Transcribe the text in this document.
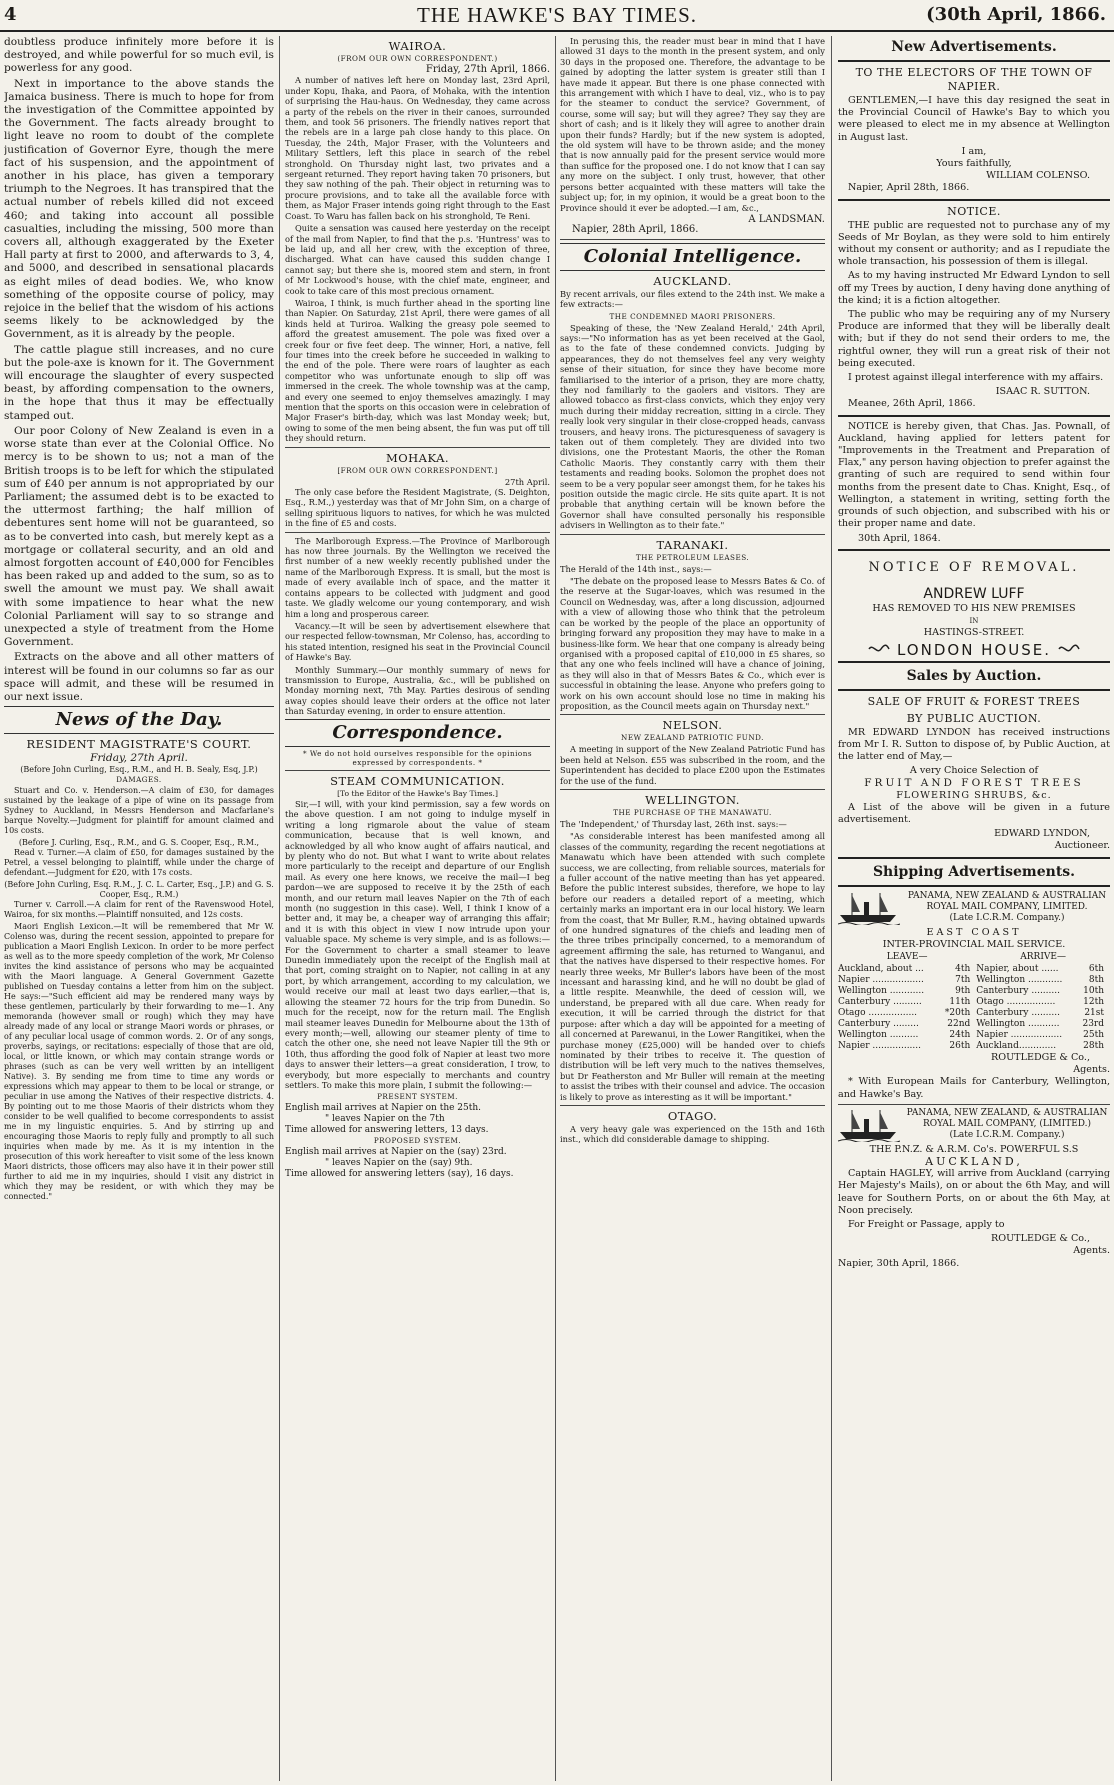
4	THE HAWKE'S BAY TIMES.	(30th April, 1866.

doubtless produce infinitely more before it is destroyed, and while powerful for so much evil, is powerless for any good.

Next in importance to the above stands the Jamaica business. There is much to hope for from the investigation of the Committee appointed by the Government. The facts already brought to light leave no room to doubt of the complete justification of Governor Eyre, though the mere fact of his suspension, and the appointment of another in his place, has given a temporary triumph to the Negroes. It has transpired that the actual number of rebels killed did not exceed 460; and taking into account all possible casualties, including the missing, 500 more than covers all, although exaggerated by the Exeter Hall party at first to 2000, and afterwards to 3, 4, and 5000, and described in sensational placards as eight miles of dead bodies. We, who know something of the opposite course of policy, may rejoice in the belief that the wisdom of his actions seems likely to be acknowledged by the Government, as it is already by the people.

The cattle plague still increases, and no cure but the pole-axe is known for it. The Government will encourage the slaughter of every suspected beast, by affording compensation to the owners, in the hope that thus it may be effectually stamped out.

Our poor Colony of New Zealand is even in a worse state than ever at the Colonial Office. No mercy is to be shown to us; not a man of the British troops is to be left for which the stipulated sum of £40 per annum is not appropriated by our Parliament; the assumed debt is to be exacted to the uttermost farthing; the half million of debentures sent home will not be guaranteed, so as to be converted into cash, but merely kept as a mortgage or collateral security, and an old and almost forgotten account of £40,000 for Fencibles has been raked up and added to the sum, so as to swell the amount we must pay. We shall await with some impatience to hear what the new Colonial Parliament will say to so strange and unexpected a style of treatment from the Home Government.

Extracts on the above and all other matters of interest will be found in our columns so far as our space will admit, and these will be resumed in our next issue.

News of the Day.
RESIDENT MAGISTRATE'S COURT.
Friday, 27th April.
(Before John Curling, Esq., R.M., and H. B. Sealy, Esq, J.P.)
DAMAGES.

Stuart and Co. v. Henderson.—A claim of £30, for damages sustained by the leakage of a pipe of wine on its passage from Sydney to Auckland, in Messrs Henderson and Macfarlane's barque Novelty.—Judgment for plaintiff for amount claimed and 10s costs.

(Before J. Curling, Esq., R.M., and G. S. Cooper, Esq., R.M.,

Read v. Turner.—A claim of £50, for damages sustained by the Petrel, a vessel belonging to plaintiff, while under the charge of defendant.—Judgment for £20, with 17s costs.

(Before John Curling, Esq. R.M., J. C. L. Carter, Esq., J.P.) and G. S. Cooper, Esq., R.M.)

Turner v. Carroll.—A claim for rent of the Ravenswood Hotel, Wairoa, for six months.—Plaintiff nonsuited, and 12s costs.

Maori English Lexicon.—It will be remembered that Mr W. Colenso was, during the recent session, appointed to prepare for publication a Maori English Lexicon. In order to be more perfect as well as to the more speedy completion of the work, Mr Colenso invites the kind assistance of persons who may be acquainted with the Maori language. A General Government Gazette published on Tuesday contains a letter from him on the subject. He says:—"Such efficient aid may be rendered many ways by these gentlemen, particularly by their forwarding to me—1. Any memoranda (however small or rough) which they may have already made of any local or strange Maori words or phrases, or of any peculiar local usage of common words. 2. Or of any songs, proverbs, sayings, or recitations: especially of those that are old, local, or little known, or which may contain strange words or phrases (such as can be very well written by an intelligent Native). 3. By sending me from time to time any words or expressions which may appear to them to be local or strange, or peculiar in use among the Natives of their respective districts. 4. By pointing out to me those Maoris of their districts whom they consider to be well qualified to become correspondents to assist me in my linguistic enquiries. 5. And by stirring up and encouraging those Maoris to reply fully and promptly to all such inquiries when made by me. As it is my intention in the prosecution of this work hereafter to visit some of the less known Maori districts, those officers may also have it in their power still further to aid me in my inquiries, should I visit any district in which they may be resident, or with which they may be connected."

WAIROA.
(FROM OUR OWN CORRESPONDENT.)
Friday, 27th April, 1866.

A number of natives left here on Monday last, 23rd April, under Kopu, Ihaka, and Paora, of Mohaka, with the intention of surprising the Hau-haus. On Wednesday, they came across a party of the rebels on the river in their canoes, surrounded them, and took 56 prisoners. The friendly natives report that the rebels are in a large pah close handy to this place. On Tuesday, the 24th, Major Fraser, with the Volunteers and Military Settlers, left this place in search of the rebel stronghold. On Thursday night last, two privates and a sergeant returned. They report having taken 70 prisoners, but they saw nothing of the pah. Their object in returning was to procure provisions, and to take all the available force with them, as Major Fraser intends going right through to the East Coast. To Waru has fallen back on his stronghold, Te Reni.

Quite a sensation was caused here yesterday on the receipt of the mail from Napier, to find that the p.s. 'Huntress' was to be laid up, and all her crew, with the exception of three, discharged. What can have caused this sudden change I cannot say; but there she is, moored stem and stern, in front of Mr Lockwood's house, with the chief mate, engineer, and cook to take care of this most precious ornament.

Wairoa, I think, is much further ahead in the sporting line than Napier. On Saturday, 21st April, there were games of all kinds held at Turiroa. Walking the greasy pole seemed to afford the greatest amusement. The pole was fixed over a creek four or five feet deep. The winner, Hori, a native, fell four times into the creek before he succeeded in walking to the end of the pole. There were roars of laughter as each competitor who was unfortunate enough to slip off was immersed in the creek. The whole township was at the camp, and every one seemed to enjoy themselves amazingly. I may mention that the sports on this occasion were in celebration of Major Fraser's birth-day, which was last Monday week; but, owing to some of the men being absent, the fun was put off till they should return.

MOHAKA.
[FROM OUR OWN CORRESPONDENT.]
27th April.

The only case before the Resident Magistrate, (S. Deighton, Esq., R.M.,) yesterday was that of Mr John Sim, on a charge of selling spirituous liquors to natives, for which he was mulcted in the fine of £5 and costs.

The Marlborough Express.—The Province of Marlborough has now three journals. By the Wellington we received the first number of a new weekly recently published under the name of the Marlborough Express. It is small, but the most is made of every available inch of space, and the matter it contains appears to be collected with judgment and good taste. We gladly welcome our young contemporary, and wish him a long and prosperous career.

Vacancy.—It will be seen by advertisement elsewhere that our respected fellow-townsman, Mr Colenso, has, according to his stated intention, resigned his seat in the Provincial Council of Hawke's Bay.

Monthly Summary.—Our monthly summary of news for transmission to Europe, Australia, &c., will be published on Monday morning next, 7th May. Parties desirous of sending away copies should leave their orders at the office not later than Saturday evening, in order to ensure attention.

Correspondence.
* We do not hold ourselves responsible for the opinions expressed by correspondents. *
STEAM COMMUNICATION.
[To the Editor of the Hawke's Bay Times.]

Sir,—I will, with your kind permission, say a few words on the above question. I am not going to indulge myself in writing a long rigmarole about the value of steam communication, because that is well known, and acknowledged by all who know aught of affairs nautical, and by plenty who do not. But what I want to write about relates more particularly to the receipt and departure of our English mail. As every one here knows, we receive the mail—I beg pardon—we are supposed to receive it by the 25th of each month, and our return mail leaves Napier on the 7th of each month (no suggestion in this case). Well, I think I know of a better and, it may be, a cheaper way of arranging this affair; and it is with this object in view I now intrude upon your valuable space. My scheme is very simple, and is as follows:—For the Government to charter a small steamer to leave Dunedin immediately upon the receipt of the English mail at that port, coming straight on to Napier, not calling in at any port, by which arrangement, according to my calculation, we would receive our mail at least two days earlier,—that is, allowing the steamer 72 hours for the trip from Dunedin. So much for the receipt, now for the return mail. The English mail steamer leaves Dunedin for Melbourne about the 13th of every month;—well, allowing our steamer plenty of time to catch the other one, she need not leave Napier till the 9th or 10th, thus affording the good folk of Napier at least two more days to answer their letters—a great consideration, I trow, to everybody, but more especially to merchants and country settlers. To make this more plain, I submit the following:—

PRESENT SYSTEM.
English mail arrives at Napier on the 25th.
" leaves Napier on the 7th
Time allowed for answering letters, 13 days.
PROPOSED SYSTEM.
English mail arrives at Napier on the (say) 23rd.
" leaves Napier on the (say) 9th.
Time allowed for answering letters (say), 16 days.

In perusing this, the reader must bear in mind that I have allowed 31 days to the month in the present system, and only 30 days in the proposed one. Therefore, the advantage to be gained by adopting the latter system is greater still than I have made it appear. But there is one phase connected with this arrangement with which I have to deal, viz., who is to pay for the steamer to conduct the service? Government, of course, some will say; but will they agree? They say they are short of cash; and is it likely they will agree to another drain upon their funds? Hardly; but if the new system is adopted, the old system will have to be thrown aside; and the money that is now annually paid for the present service would more than suffice for the proposed one. I do not know that I can say any more on the subject. I only trust, however, that other persons better acquainted with these matters will take the subject up; for, in my opinion, it would be a great boon to the Province should it ever be adopted.—I am, &c.,

A LANDSMAN.
Napier, 28th April, 1866.
Colonial Intelligence.
AUCKLAND.

By recent arrivals, our files extend to the 24th inst. We make a few extracts:—

THE CONDEMNED MAORI PRISONERS.

Speaking of these, the 'New Zealand Herald,' 24th April, says:—"No information has as yet been received at the Gaol, as to the fate of these condemned convicts. Judging by appearances, they do not themselves feel any very weighty sense of their situation, for since they have become more familiarised to the interior of a prison, they are more chatty, they nod familiarly to the gaolers and visitors. They are allowed tobacco as first-class convicts, which they enjoy very much during their midday recreation, sitting in a circle. They really look very singular in their close-cropped heads, canvass trousers, and heavy irons. The picturesqueness of savagery is taken out of them completely. They are divided into two divisions, one the Protestant Maoris, the other the Roman Catholic Maoris. They constantly carry with them their testaments and reading books. Solomon the prophet does not seem to be a very popular seer amongst them, for he takes his position outside the magic circle. He sits quite apart. It is not probable that anything certain will be known before the Governor shall have consulted personally his responsible advisers in Wellington as to their fate."

TARANAKI.
THE PETROLEUM LEASES.

The Herald of the 14th inst., says:—

"The debate on the proposed lease to Messrs Bates & Co. of the reserve at the Sugar-loaves, which was resumed in the Council on Wednesday, was, after a long discussion, adjourned with a view of allowing those who think that the petroleum can be worked by the people of the place an opportunity of bringing forward any proposition they may have to make in a business-like form. We hear that one company is already being organised with a proposed capital of £10,000 in £5 shares, so that any one who feels inclined will have a chance of joining, as they will also in that of Messrs Bates & Co., which ever is successful in obtaining the lease. Anyone who prefers going to work on his own account should lose no time in making his proposition, as the Council meets again on Thursday next."

NELSON.
NEW ZEALAND PATRIOTIC FUND.

A meeting in support of the New Zealand Patriotic Fund has been held at Nelson. £55 was subscribed in the room, and the Superintendent has decided to place £200 upon the Estimates for the use of the fund.

WELLINGTON.
THE PURCHASE OF THE MANAWATU.

The 'Independent,' of Thursday last, 26th inst. says:—

"As considerable interest has been manifested among all classes of the community, regarding the recent negotiations at Manawatu which have been attended with such complete success, we are collecting, from reliable sources, materials for a fuller account of the native meeting than has yet appeared. Before the public interest subsides, therefore, we hope to lay before our readers a detailed report of a meeting, which certainly marks an important era in our local history. We learn from the coast, that Mr Buller, R.M., having obtained upwards of one hundred signatures of the chiefs and leading men of the three tribes principally concerned, to a memorandum of agreement affirming the sale, has returned to Wanganui, and that the natives have dispersed to their respective homes. For nearly three weeks, Mr Buller's labors have been of the most incessant and harassing kind, and he will no doubt be glad of a little respite. Meanwhile, the deed of cession will, we understand, be prepared with all due care. When ready for execution, it will be carried through the district for that purpose: after which a day will be appointed for a meeting of all concerned at Parewanui, in the Lower Rangitikei, when the purchase money (£25,000) will be handed over to chiefs nominated by their tribes to receive it. The question of distribution will be left very much to the natives themselves, but Dr Featherston and Mr Buller will remain at the meeting to assist the tribes with their counsel and advice. The occasion is likely to prove as interesting as it will be important."

OTAGO.

A very heavy gale was experienced on the 15th and 16th inst., which did considerable damage to shipping.

New Advertisements.
TO THE ELECTORS OF THE TOWN OF NAPIER.

GENTLEMEN,—I have this day resigned the seat in the Provincial Council of Hawke's Bay to which you were pleased to elect me in my absence at Wellington in August last.

I am,
Yours faithfully,
WILLIAM COLENSO.
Napier, April 28th, 1866.
NOTICE.

THE public are requested not to purchase any of my Seeds of Mr Boylan, as they were sold to him entirely without my consent or authority; and as I repudiate the whole transaction, his possession of them is illegal.

As to my having instructed Mr Edward Lyndon to sell off my Trees by auction, I deny having done anything of the kind; it is a fiction altogether.

The public who may be requiring any of my Nursery Produce are informed that they will be liberally dealt with; but if they do not send their orders to me, the rightful owner, they will run a great risk of their not being executed.

I protest against illegal interference with my affairs.

ISAAC R. SUTTON.
Meanee, 26th April, 1866.

NOTICE is hereby given, that Chas. Jas. Pownall, of Auckland, having applied for letters patent for "Improvements in the Treatment and Preparation of Flax," any person having objection to prefer against the granting of such are required to send within four months from the present date to Chas. Knight, Esq., of Wellington, a statement in writing, setting forth the grounds of such objection, and subscribed with his or their proper name and date.

30th April, 1864.
NOTICE OF REMOVAL.
ANDREW LUFF
HAS REMOVED TO HIS NEW PREMISES
IN
HASTINGS-STREET.
LONDON HOUSE.
Sales by Auction.
SALE OF FRUIT & FOREST TREES
BY PUBLIC AUCTION.

MR EDWARD LYNDON has received instructions from Mr I. R. Sutton to dispose of, by Public Auction, at the latter end of May,—

A very Choice Selection of
FRUIT AND FOREST TREES
FLOWERING SHRUBS, &c.

A List of the above will be given in a future advertisement.

EDWARD LYNDON,
Auctioneer.
Shipping Advertisements.
PANAMA, NEW ZEALAND & AUSTRALIAN ROYAL MAIL COMPANY, LIMITED.
(Late I.C.R.M. Company.)
EAST COAST
INTER-PROVINCIAL MAIL SERVICE.
LEAVE—		ARRIVE—	
Auckland, about ...	4th	Napier, about ......	6th
Napier ..................	7th	Wellington ............	8th
Wellington ............	9th	Canterbury ..........	10th
Canterbury ..........	11th	Otago .................	12th
Otago .................	*20th	Canterbury ..........	21st
Canterbury .........	22nd	Wellington ...........	23rd
Wellington ..........	24th	Napier ..................	25th
Napier .................	26th	Auckland.............	28th
ROUTLEDGE & Co.,
Agents.

* With European Mails for Canterbury, Wellington, and Hawke's Bay.

PANAMA, NEW ZEALAND, & AUSTRALIAN ROYAL MAIL COMPANY, (LIMITED.)
(Late I.C.R.M. Company.)
THE P.N.Z. & A.R.M. Co's. POWERFUL S.S
AUCKLAND,

Captain HAGLEY, will arrive from Auckland (carrying Her Majesty's Mails), on or about the 6th May, and will leave for Southern Ports, on or about the 6th May, at Noon precisely.

For Freight or Passage, apply to

ROUTLEDGE & Co.,
Agents.
Napier, 30th April, 1866.
